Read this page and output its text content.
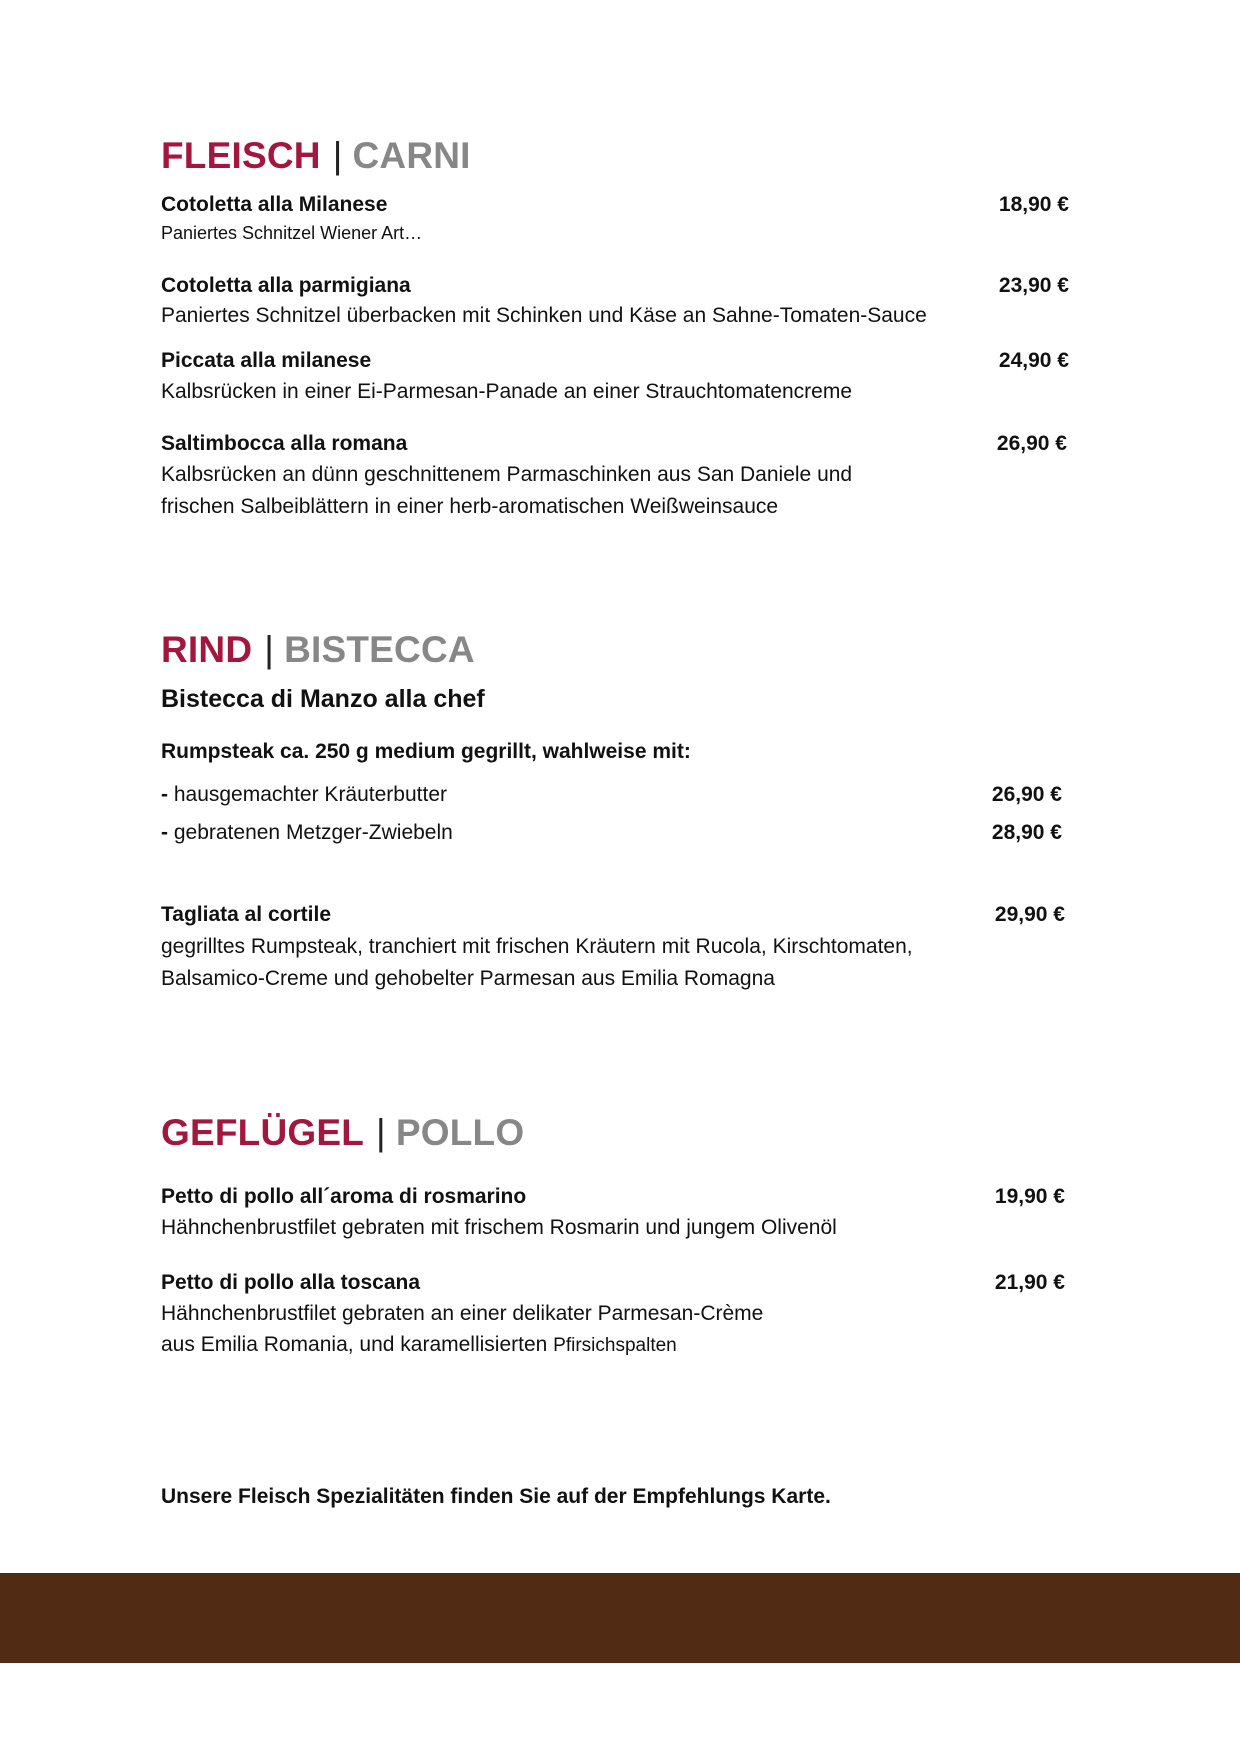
FLEISCH | CARNI
Cotoletta alla Milanese	18,90 €
Paniertes Schnitzel Wiener Art…
Cotoletta alla parmigiana	23,90 €
Paniertes Schnitzel überbacken mit Schinken und Käse an Sahne-Tomaten-Sauce
Piccata alla milanese	24,90 €
Kalbsrücken in einer Ei-Parmesan-Panade an einer Strauchtomatencreme
Saltimbocca alla romana	26,90 €
Kalbsrücken an dünn geschnittenem Parmaschinken aus San Daniele und
frischen Salbeiblättern in einer herb-aromatischen Weißweinsauce
RIND | BISTECCA
Bistecca di Manzo alla chef
Rumpsteak ca. 250 g medium gegrillt, wahlweise mit:
- hausgemachter Kräuterbutter	26,90 €
- gebratenen Metzger-Zwiebeln	28,90 €
Tagliata al cortile	29,90 €
gegrilltes Rumpsteak, tranchiert mit frischen Kräutern mit Rucola, Kirschtomaten,
Balsamico-Creme und gehobelter Parmesan aus Emilia Romagna
GEFLÜGEL | POLLO
Petto di pollo all´aroma di rosmarino	19,90 €
Hähnchenbrustfilet gebraten mit frischem Rosmarin und jungem Olivenöl
Petto di pollo alla toscana	21,90 €
Hähnchenbrustfilet gebraten an einer delikater Parmesan-Crème
aus Emilia Romania, und karamellisierten Pfirsichspalten
Unsere Fleisch Spezialitäten finden Sie auf der Empfehlungs Karte.
